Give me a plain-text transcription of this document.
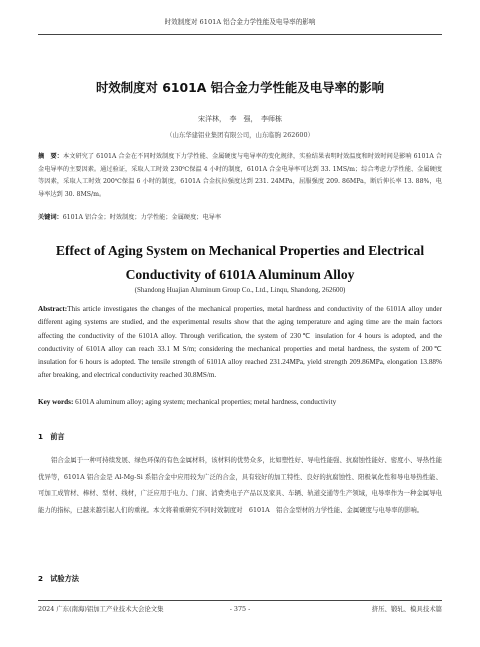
时效制度对 6101A 铝合金力学性能及电导率的影响
时效制度对 6101A 铝合金力学性能及电导率的影响
宋洋林，　李　强，　李师栋
（山东华建铝业集团有限公司，山东临朐 262600）
摘　要：本文研究了 6101A 合金在不同时效制度下力学性能、金属硬度与电导率的变化规律，实验结果表明时效温度和时效时间是影响 6101A 合金电导率的主要因素。通过验证，采取人工时效 230℃保温 4 小时的制度，6101A 合金电导率可达到 33. 1MS/m；综合考虑力学性能、金属硬度等因素，采取人工时效 200℃保温 6 小时的制度，6101A 合金抗拉强度达到 231. 24MPa，屈服强度 209. 86MPa，断后伸长率 13. 88%，电导率达到 30. 8MS/m。
关键词：6101A 铝合金；时效制度；力学性能；金属硬度；电导率
Effect of Aging System on Mechanical Properties and Electrical Conductivity of 6101A Aluminum Alloy
(Shandong Huajian Aluminum Group Co., Ltd., Linqu, Shandong, 262600)
Abstract:This article investigates the changes of the mechanical properties, metal hardness and conductivity of the 6101A alloy under different aging systems are studied, and the experimental results show that the aging temperature and aging time are the main factors affecting the conductivity of the 6101A alloy. Through verification, the system of 230℃ insulation for 4 hours is adopted, and the conductivity of 6101A alloy can reach 33.1 M S/m; considering the mechanical properties and metal hardness, the system of 200℃ insulation for 6 hours is adopted. The tensile strength of 6101A alloy reached 231.24MPa, yield strength 209.86MPa, elongation 13.88% after breaking, and electrical conductivity reached 30.8MS/m.
Key words: 6101A aluminum alloy; aging system; mechanical properties; metal hardness, conductivity
1　前言
铝合金属于一种可持续发展、绿色环保的有色金属材料，该材料的优势众多，比如塑性好、导电性能强、抗腐蚀性能好、密度小、导热性能优异等，6101A 铝合金是 Al-Mg-Si 系铝合金中应用较为广泛的合金，具有较好的加工特性、良好的抗腐蚀性、阳极氧化性和导电导热性能、可加工成管材、棒材、型材、线材，广泛应用于电力、门窗、消费类电子产品以及家具、车辆、轨道交通等生产领域，电导率作为一种金属导电能力的指标，已越来越引起人们的重视。本文将着重研究不同时效制度对　6101A　铝合金型材的力学性能、金属硬度与电导率的影响。
2　试验方法
2024 广东(南海)铝加工产业技术大会论文集	- 375 -	挤压、锻轧、模具技术篇
